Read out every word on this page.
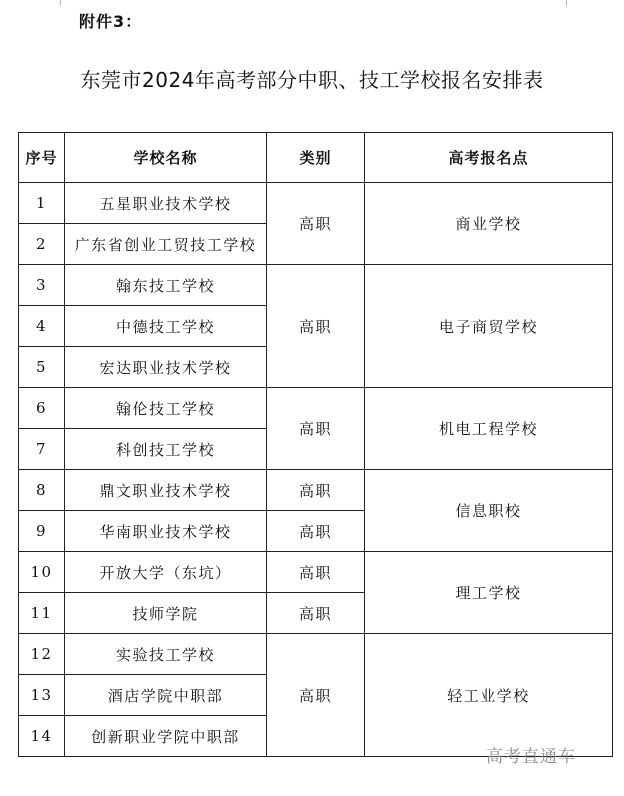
附件3：
东莞市2024年高考部分中职、技工学校报名安排表
序号	学校名称	类别	高考报名点
1	五星职业技术学校	高职	商业学校
2	广东省创业工贸技工学校		
3	翰东技工学校	高职	电子商贸学校
4	中德技工学校		
5	宏达职业技术学校		
6	翰伦技工学校	高职	机电工程学校
7	科创技工学校		
8	鼎文职业技术学校	高职	信息职校
9	华南职业技术学校	高职	
10	开放大学（东坑）	高职	理工学校
11	技师学院	高职	
12	实验技工学校	高职	轻工业学校
13	酒店学院中职部		
14	创新职业学院中职部		
高考直通车
